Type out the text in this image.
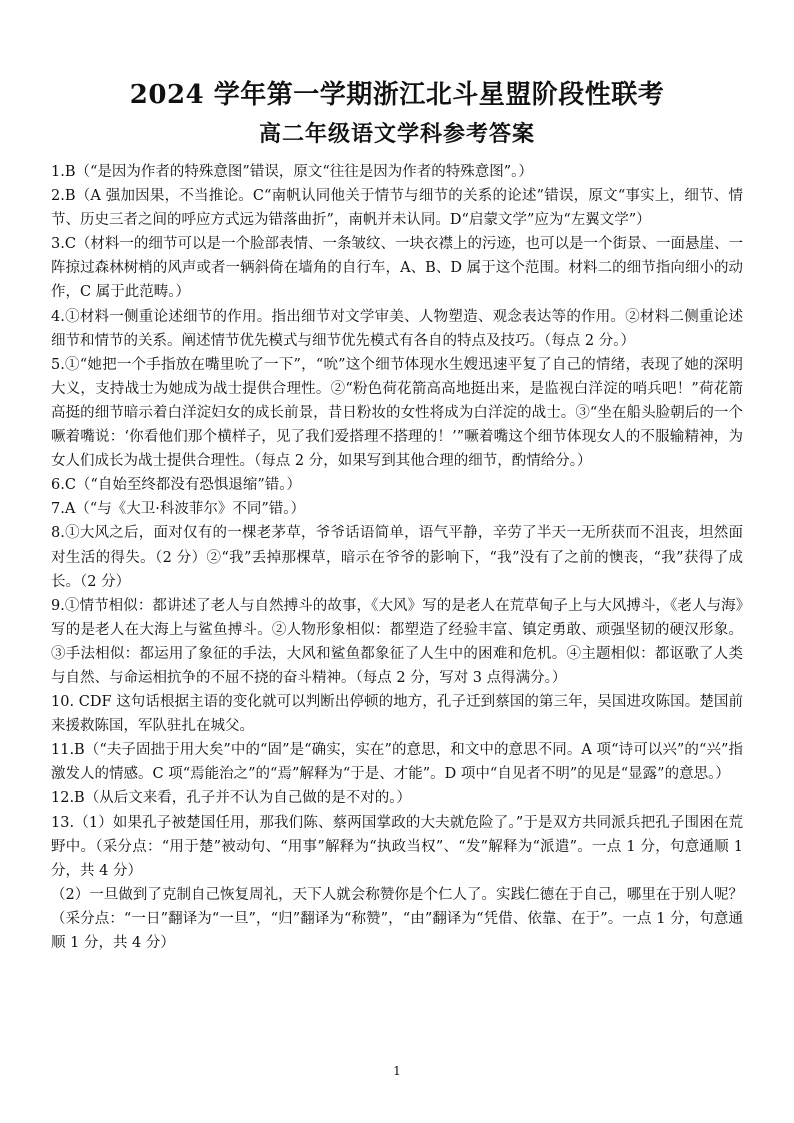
2024 学年第一学期浙江北斗星盟阶段性联考
高二年级语文学科参考答案

1.B（“是因为作者的特殊意图”错误，原文“往往是因为作者的特殊意图”。）

2.B（A 强加因果，不当推论。C“南帆认同他关于情节与细节的关系的论述”错误，原文“事实上，细节、情节、历史三者之间的呼应方式远为错落曲折”，南帆并未认同。D“启蒙文学”应为“左翼文学”）

3.C（材料一的细节可以是一个脸部表情、一条皱纹、一块衣襟上的污迹，也可以是一个街景、一面悬崖、一阵掠过森林树梢的风声或者一辆斜倚在墙角的自行车，A、B、D 属于这个范围。材料二的细节指向细小的动作，C 属于此范畴。）

4.①材料一侧重论述细节的作用。指出细节对文学审美、人物塑造、观念表达等的作用。②材料二侧重论述细节和情节的关系。阐述情节优先模式与细节优先模式有各自的特点及技巧。（每点 2 分。）

5.①“她把一个手指放在嘴里吮了一下”，“吮”这个细节体现水生嫂迅速平复了自己的情绪，表现了她的深明大义，支持战士为她成为战士提供合理性。②“粉色荷花箭高高地挺出来，是监视白洋淀的哨兵吧！”荷花箭高挺的细节暗示着白洋淀妇女的成长前景，昔日粉妆的女性将成为白洋淀的战士。③“坐在船头脸朝后的一个噘着嘴说：‘你看他们那个横样子，见了我们爱搭理不搭理的！’”噘着嘴这个细节体现女人的不服输精神，为女人们成长为战士提供合理性。（每点 2 分，如果写到其他合理的细节，酌情给分。）

6.C（“自始至终都没有恐惧退缩”错。）

7.A（“与《大卫·科波菲尔》不同”错。）

8.①大风之后，面对仅有的一棵老茅草，爷爷话语简单，语气平静，辛劳了半天一无所获而不沮丧，坦然面对生活的得失。（2 分）②“我”丢掉那棵草，暗示在爷爷的影响下，“我”没有了之前的懊丧，“我”获得了成长。（2 分）

9.①情节相似：都讲述了老人与自然搏斗的故事，《大风》写的是老人在荒草甸子上与大风搏斗，《老人与海》写的是老人在大海上与鲨鱼搏斗。②人物形象相似：都塑造了经验丰富、镇定勇敢、顽强坚韧的硬汉形象。③手法相似：都运用了象征的手法，大风和鲨鱼都象征了人生中的困难和危机。④主题相似：都讴歌了人类与自然、与命运相抗争的不屈不挠的奋斗精神。（每点 2 分，写对 3 点得满分。）

10. CDF 这句话根据主语的变化就可以判断出停顿的地方，孔子迁到蔡国的第三年，吴国进攻陈国。楚国前来援救陈国，军队驻扎在城父。

11.B（“夫子固拙于用大矣”中的“固”是“确实，实在”的意思，和文中的意思不同。A 项“诗可以兴”的“兴”指激发人的情感。C 项“焉能治之”的“焉”解释为“于是、才能”。D 项中“自见者不明”的见是“显露”的意思。）

12.B（从后文来看，孔子并不认为自己做的是不对的。）

13.（1）如果孔子被楚国任用，那我们陈、蔡两国掌政的大夫就危险了。”于是双方共同派兵把孔子围困在荒野中。（采分点：“用于楚”被动句、“用事”解释为“执政当权”、“发”解释为“派遣”。一点 1 分，句意通顺 1 分，共 4 分）

（2）一旦做到了克制自己恢复周礼，天下人就会称赞你是个仁人了。实践仁德在于自己，哪里在于别人呢？（采分点：“一日”翻译为“一旦”，“归”翻译为“称赞”，“由”翻译为“凭借、依靠、在于”。一点 1 分，句意通顺 1 分，共 4 分）

1
